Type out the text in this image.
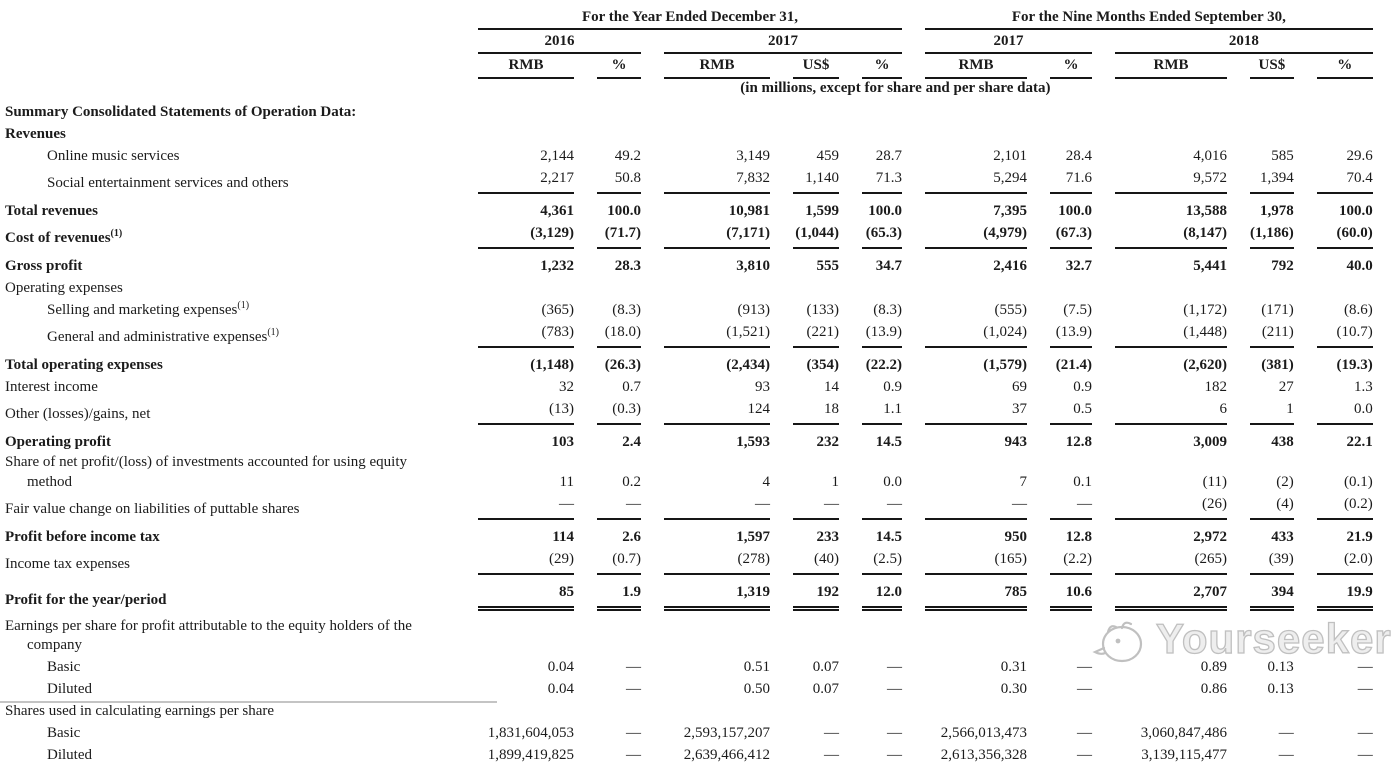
	For the Year Ended December 31,					For the Nine Months Ended September 30,				
	2016		2017			2017		2018		
	RMB	%	RMB	US$	%	RMB	%	RMB	US$	%
	(in millions, except for share and per share data)									

Summary Consolidated Statements of Operation Data:										

Revenues										

Online music services	2,144	49.2	3,149	459	28.7	2,101	28.4	4,016	585	29.6

Social entertainment services and others	2,217	50.8	7,832	1,140	71.3	5,294	71.6	9,572	1,394	70.4

Total revenues	4,361	100.0	10,981	1,599	100.0	7,395	100.0	13,588	1,978	100.0

Cost of revenues$^{(1)}$	(3,129)	(71.7)	(7,171)	(1,044)	(65.3)	(4,979)	(67.3)	(8,147)	(1,186)	(60.0)

Gross profit	1,232	28.3	3,810	555	34.7	2,416	32.7	5,441	792	40.0

Operating expenses										

Selling and marketing expenses$^{(1)}$	(365)	(8.3)	(913)	(133)	(8.3)	(555)	(7.5)	(1,172)	(171)	(8.6)

General and administrative expenses$^{(1)}$	(783)	(18.0)	(1,521)	(221)	(13.9)	(1,024)	(13.9)	(1,448)	(211)	(10.7)

Total operating expenses	(1,148)	(26.3)	(2,434)	(354)	(22.2)	(1,579)	(21.4)	(2,620)	(381)	(19.3)

Interest income	32	0.7	93	14	0.9	69	0.9	182	27	1.3

Other (losses)/gains, net	(13)	(0.3)	124	18	1.1	37	0.5	6	1	0.0

Operating profit	103	2.4	1,593	232	14.5	943	12.8	3,009	438	22.1

Share of net profit/(loss) of investments accounted for using equity
method	11	0.2	4	1	0.0	7	0.1	(11)	(2)	(0.1)

Fair value change on liabilities of puttable shares	—	—	—	—	—	—	—	(26)	(4)	(0.2)

Profit before income tax	114	2.6	1,597	233	14.5	950	12.8	2,972	433	21.9

Income tax expenses	(29)	(0.7)	(278)	(40)	(2.5)	(165)	(2.2)	(265)	(39)	(2.0)

Profit for the year/period	85	1.9	1,319	192	12.0	785	10.6	2,707	394	19.9

Earnings per share for profit attributable to the equity holders of the
company										

Basic	0.04	—	0.51	0.07	—	0.31	—	0.89	0.13	—

Diluted	0.04	—	0.50	0.07	—	0.30	—	0.86	0.13	—

Shares used in calculating earnings per share										

Basic	1,831,604,053	—	2,593,157,207	—	—	2,566,013,473	—	3,060,847,486	—	—

Diluted	1,899,419,825	—	2,639,466,412	—	—	2,613,356,328	—	3,139,115,477	—	—
Yourseeker
